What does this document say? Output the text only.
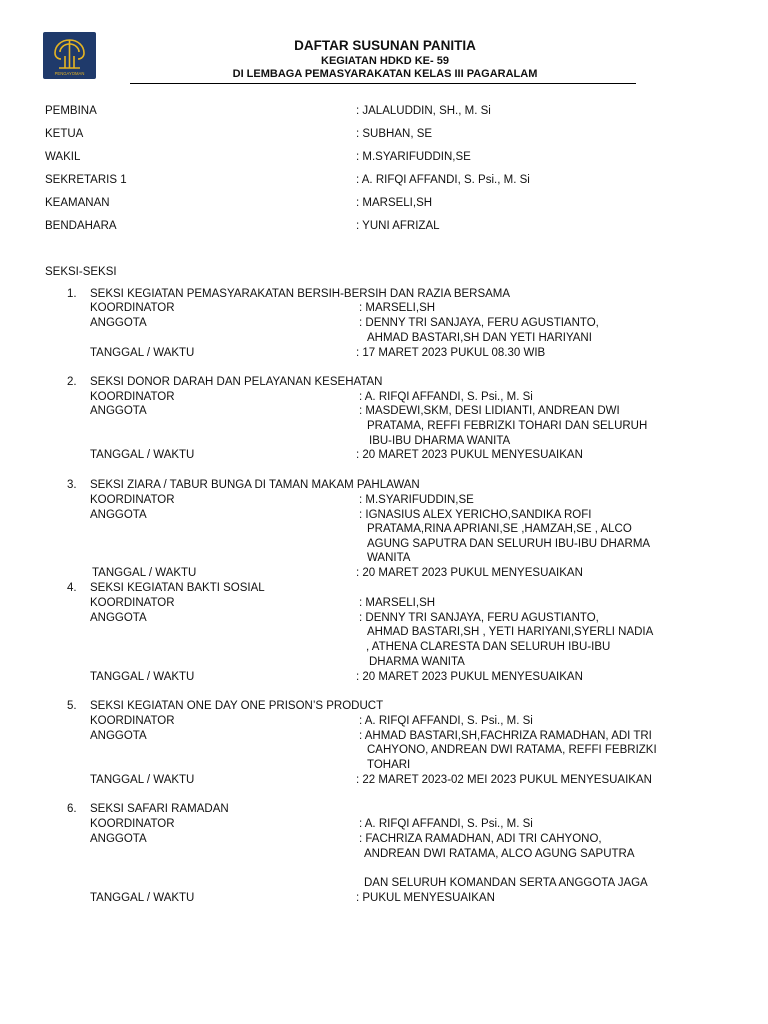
PENGAYOMAN
DAFTAR SUSUNAN PANITIA
KEGIATAN HDKD KE- 59
DI LEMBAGA PEMASYARAKATAN KELAS III PAGARALAM
PEMBINA	: JALALUDDIN, SH., M. Si
KETUA	: SUBHAN, SE
WAKIL	: M.SYARIFUDDIN,SE
SEKRETARIS 1	: A. RIFQI AFFANDI, S. Psi., M. Si
KEAMANAN	: MARSELI,SH
BENDAHARA	: YUNI AFRIZAL
SEKSI-SEKSI
1. SEKSI KEGIATAN PEMASYARAKATAN BERSIH-BERSIH DAN RAZIA BERSAMA
KOORDINATOR	: MARSELI,SH
ANGGOTA	: DENNY TRI SANJAYA, FERU AGUSTIANTO,
AHMAD BASTARI,SH DAN YETI HARIYANI
TANGGAL / WAKTU	: 17 MARET 2023 PUKUL 08.30 WIB
2. SEKSI DONOR DARAH DAN PELAYANAN KESEHATAN
KOORDINATOR	: A. RIFQI AFFANDI, S. Psi., M. Si
ANGGOTA	: MASDEWI,SKM, DESI LIDIANTI, ANDREAN DWI
PRATAMA, REFFI FEBRIZKI TOHARI DAN SELURUH
IBU-IBU DHARMA WANITA
TANGGAL / WAKTU	: 20 MARET 2023 PUKUL MENYESUAIKAN
3. SEKSI ZIARA / TABUR BUNGA DI TAMAN MAKAM PAHLAWAN
KOORDINATOR	: M.SYARIFUDDIN,SE
ANGGOTA	: IGNASIUS ALEX YERICHO,SANDIKA ROFI
PRATAMA,RINA APRIANI,SE ,HAMZAH,SE , ALCO
AGUNG SAPUTRA DAN SELURUH IBU-IBU DHARMA
WANITA
TANGGAL / WAKTU	: 20 MARET 2023 PUKUL MENYESUAIKAN
4. SEKSI KEGIATAN BAKTI SOSIAL
KOORDINATOR	: MARSELI,SH
ANGGOTA	: DENNY TRI SANJAYA, FERU AGUSTIANTO,
AHMAD BASTARI,SH , YETI HARIYANI,SYERLI NADIA
, ATHENA CLARESTA DAN SELURUH IBU-IBU
DHARMA WANITA
TANGGAL / WAKTU	: 20 MARET 2023 PUKUL MENYESUAIKAN
5. SEKSI KEGIATAN ONE DAY ONE PRISON’S PRODUCT
KOORDINATOR	: A. RIFQI AFFANDI, S. Psi., M. Si
ANGGOTA	: AHMAD BASTARI,SH,FACHRIZA RAMADHAN, ADI TRI
CAHYONO, ANDREAN DWI RATAMA, REFFI FEBRIZKI
TOHARI
TANGGAL / WAKTU	: 22 MARET 2023-02 MEI 2023 PUKUL MENYESUAIKAN
6. SEKSI SAFARI RAMADAN
KOORDINATOR	: A. RIFQI AFFANDI, S. Psi., M. Si
ANGGOTA	: FACHRIZA RAMADHAN, ADI TRI CAHYONO,
ANDREAN DWI RATAMA, ALCO AGUNG SAPUTRA
DAN SELURUH KOMANDAN SERTA ANGGOTA JAGA
TANGGAL / WAKTU	: PUKUL MENYESUAIKAN
